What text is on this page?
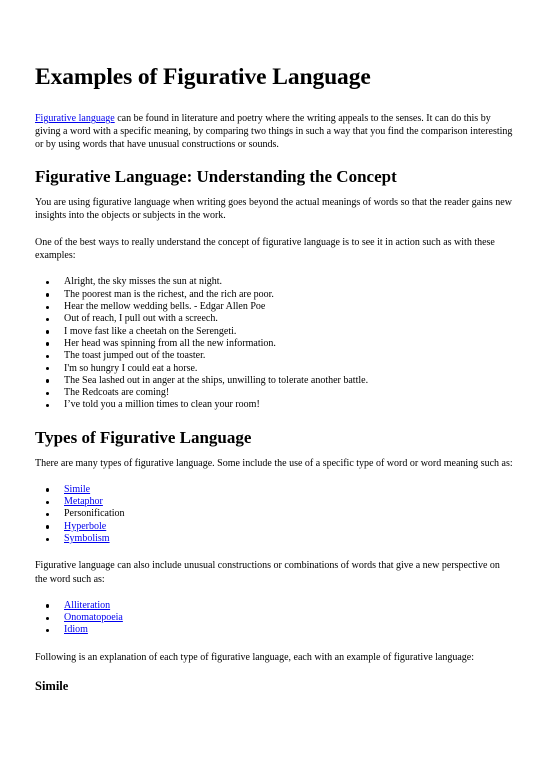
Examples of Figurative Language

Figurative language can be found in literature and poetry where the writing appeals to the senses. It can do this by giving a word with a specific meaning, by comparing two things in such a way that you find the comparison interesting or by using words that have unusual constructions or sounds.

Figurative Language: Understanding the Concept

You are using figurative language when writing goes beyond the actual meanings of words so that the reader gains new insights into the objects or subjects in the work.

One of the best ways to really understand the concept of figurative language is to see it in action such as with these examples:

Alright, the sky misses the sun at night.
The poorest man is the richest, and the rich are poor.
Hear the mellow wedding bells. - Edgar Allen Poe
Out of reach, I pull out with a screech.
I move fast like a cheetah on the Serengeti.
Her head was spinning from all the new information.
The toast jumped out of the toaster.
I'm so hungry I could eat a horse.
The Sea lashed out in anger at the ships, unwilling to tolerate another battle.
The Redcoats are coming!
I’ve told you a million times to clean your room!
Types of Figurative Language

There are many types of figurative language. Some include the use of a specific type of word or word meaning such as:

Simile
Metaphor
Personification
Hyperbole
Symbolism

Figurative language can also include unusual constructions or combinations of words that give a new perspective on the word such as:

Alliteration
Onomatopoeia
Idiom

Following is an explanation of each type of figurative language, each with an example of figurative language:

Simile
